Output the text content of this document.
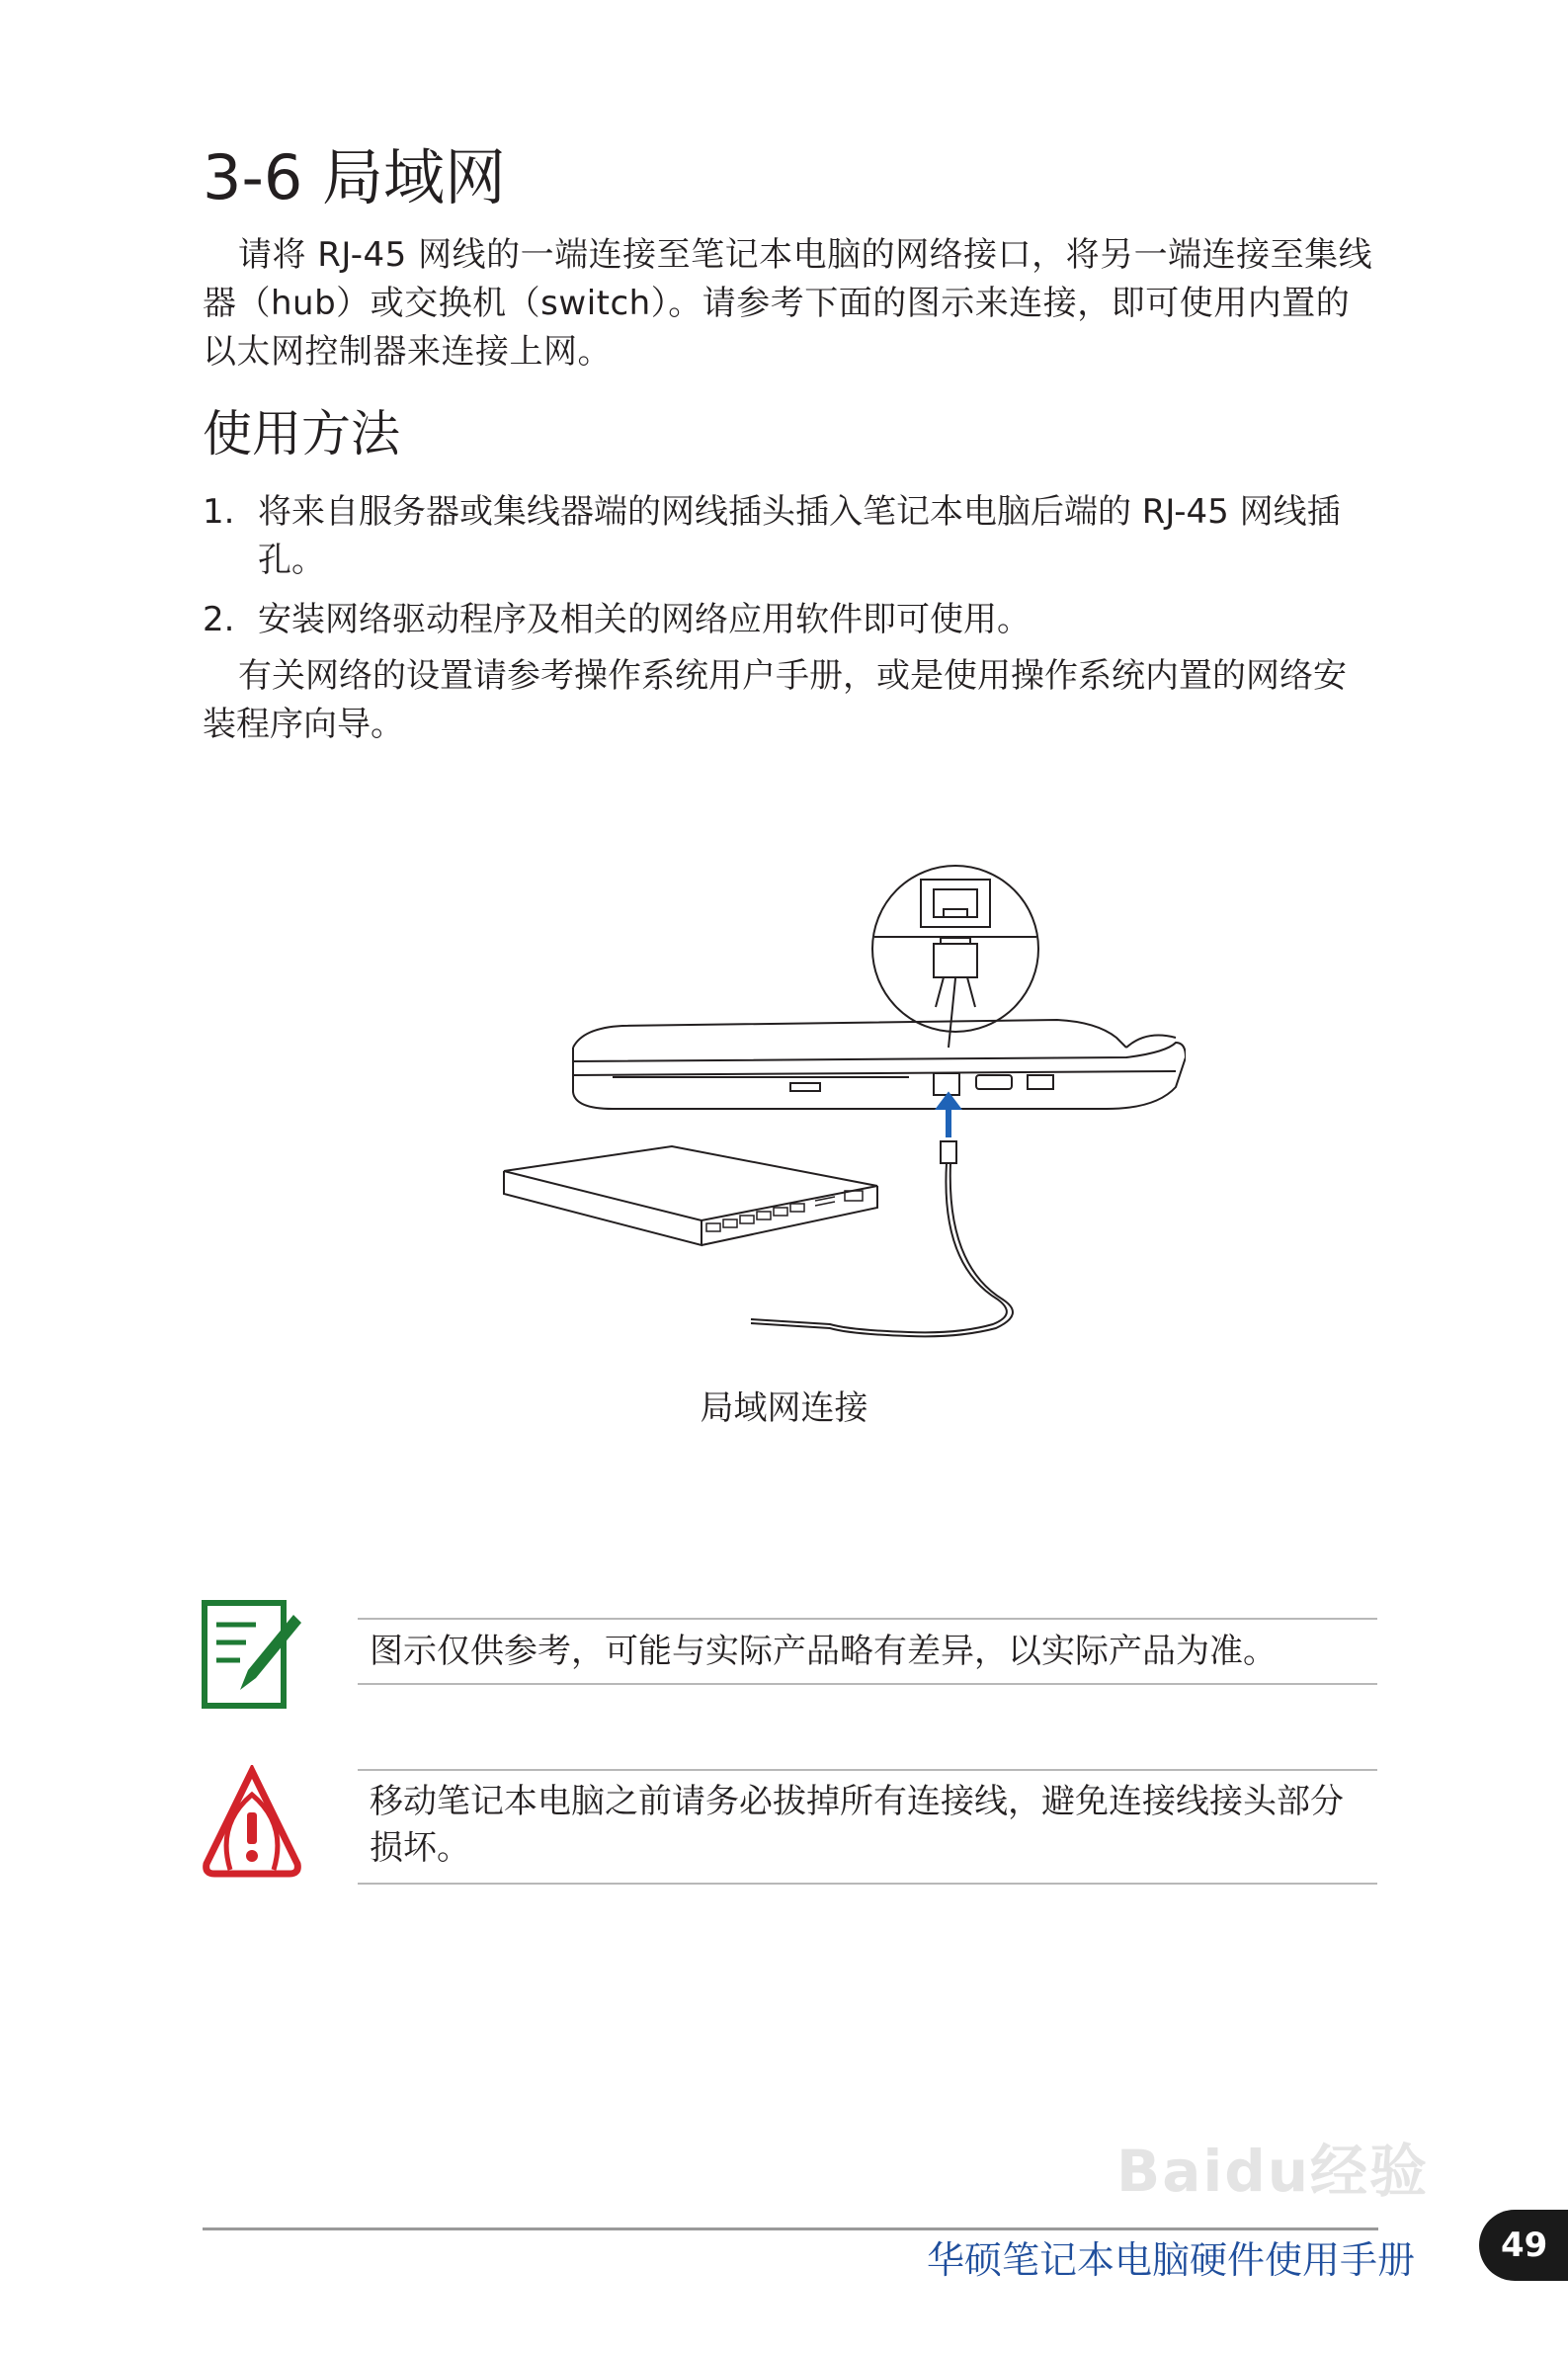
3-6 局域网

请将 RJ-45 网线的一端连接至笔记本电脑的网络接口，将另一端连接至集线器（hub）或交换机（switch）。请参考下面的图示来连接，即可使用内置的以太网控制器来连接上网。

使用方法
1. 将来自服务器或集线器端的网线插头插入笔记本电脑后端的 RJ-45 网线插孔。
2. 安装网络驱动程序及相关的网络应用软件即可使用。

有关网络的设置请参考操作系统用户手册，或是使用操作系统内置的网络安装程序向导。

局域网连接
图示仅供参考，可能与实际产品略有差异，以实际产品为准。
移动笔记本电脑之前请务必拔掉所有连接线，避免连接线接头部分损坏。
Baidu经验
华硕笔记本电脑硬件使用手册	49
